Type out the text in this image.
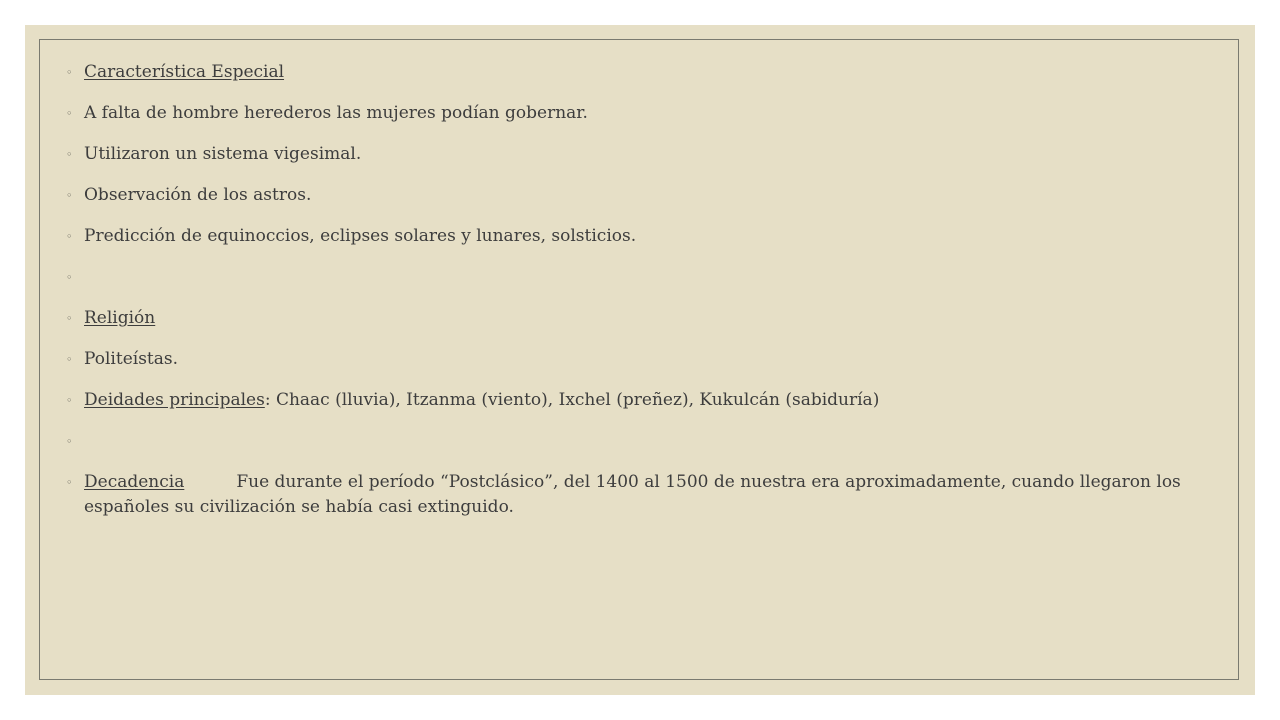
◦ Característica Especial
◦ A falta de hombre herederos las mujeres podían gobernar.
◦ Utilizaron un sistema vigesimal.
◦ Observación de los astros.
◦ Predicción de equinoccios, eclipses solares y lunares, solsticios.
◦
◦ Religión
◦ Politeístas.
◦ Deidades principales: Chaac (lluvia), Itzanma (viento), Ixchel (preñez), Kukulcán (sabiduría)
◦
◦ Decadencia	Fue durante el período “Postclásico”, del 1400 al 1500 de nuestra era aproximadamente, cuando llegaron los españoles su civilización se había casi extinguido.
